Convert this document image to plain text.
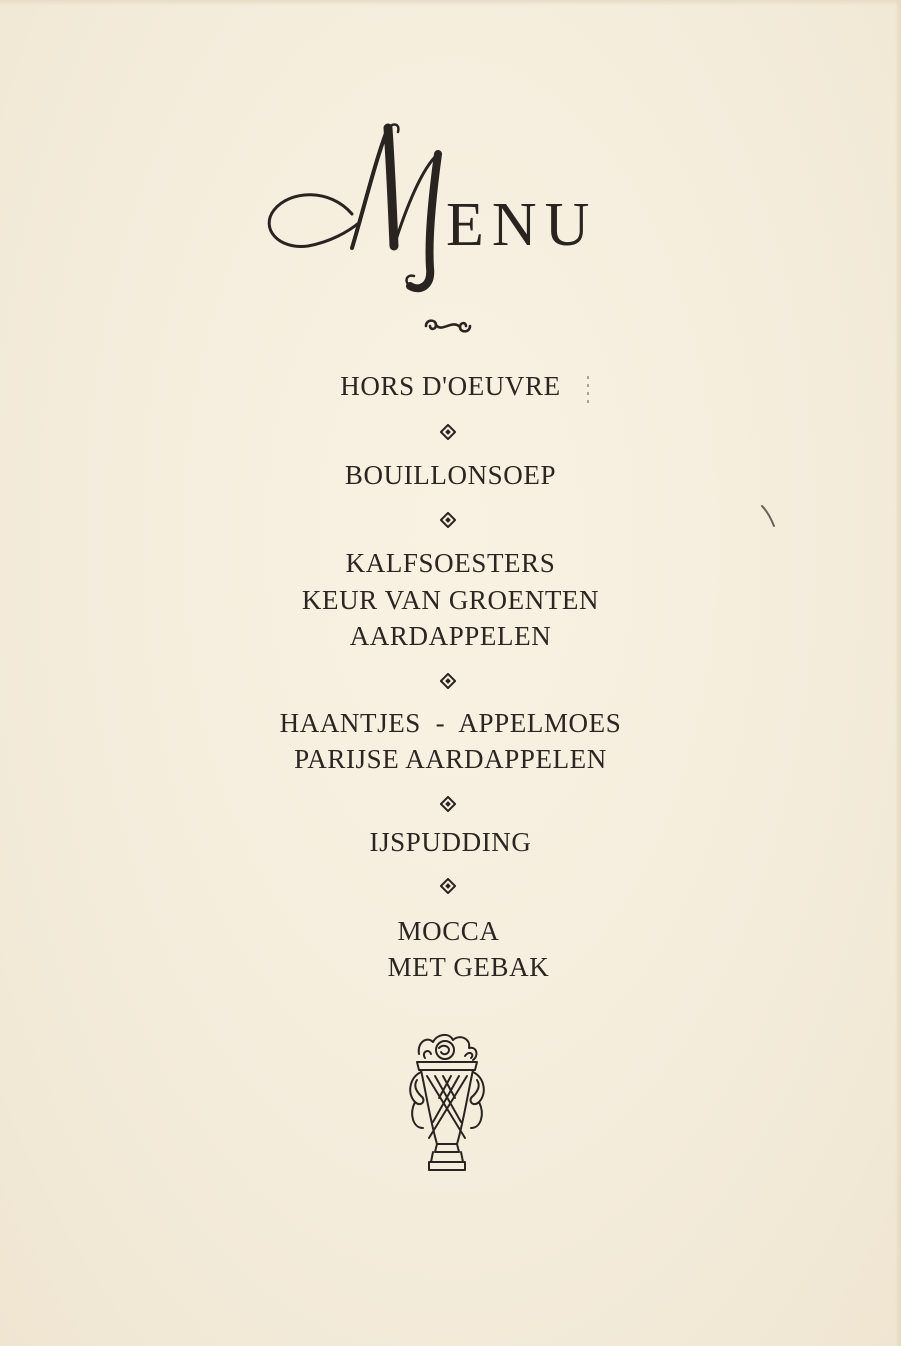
ENU
HORS D'OEUVRE
BOUILLONSOEP
KALFSOESTERS
KEUR VAN GROENTEN
AARDAPPELEN
HAANTJES  -  APPELMOES
PARIJSE AARDAPPELEN
IJSPUDDING
MOCCA
MET GEBAK
